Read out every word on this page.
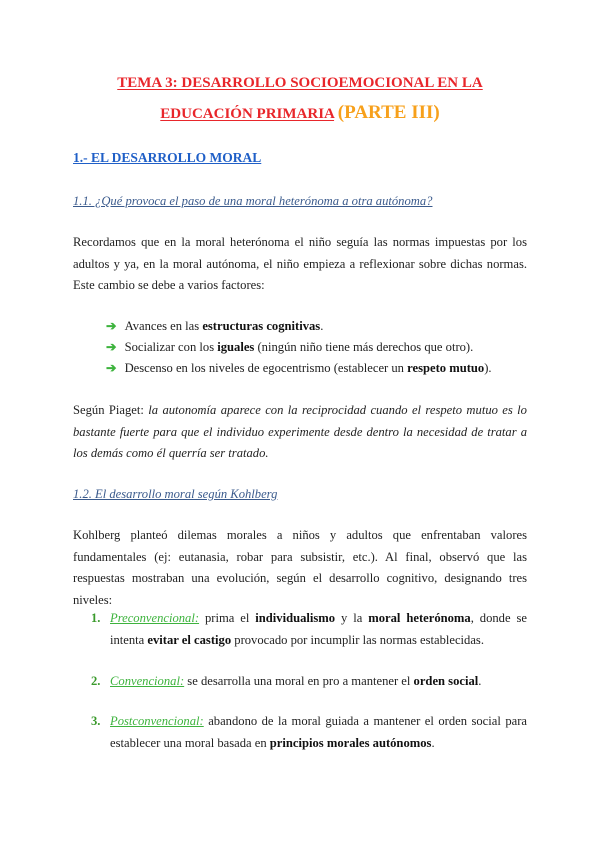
TEMA 3: DESARROLLO SOCIOEMOCIONAL EN LA
EDUCACIÓN PRIMARIA (PARTE III)
1.- EL DESARROLLO MORAL
1.1. ¿Qué provoca el paso de una moral heterónoma a otra autónoma?
Recordamos que en la moral heterónoma el niño seguía las normas impuestas por los adultos y ya, en la moral autónoma, el niño empieza a reflexionar sobre dichas normas. Este cambio se debe a varios factores:
➔ Avances en las estructuras cognitivas.
➔ Socializar con los iguales (ningún niño tiene más derechos que otro).
➔ Descenso en los niveles de egocentrismo (establecer un respeto mutuo).
Según Piaget: la autonomía aparece con la reciprocidad cuando el respeto mutuo es lo bastante fuerte para que el individuo experimente desde dentro la necesidad de tratar a los demás como él querría ser tratado.
1.2. El desarrollo moral según Kohlberg
Kohlberg planteó dilemas morales a niños y adultos que enfrentaban valores fundamentales (ej: eutanasia, robar para subsistir, etc.). Al final, observó que las respuestas mostraban una evolución, según el desarrollo cognitivo, designando tres niveles:
1. Preconvencional: prima el individualismo y la moral heterónoma, donde se intenta evitar el castigo provocado por incumplir las normas establecidas.
2. Convencional: se desarrolla una moral en pro a mantener el orden social.
3. Postconvencional: abandono de la moral guiada a mantener el orden social para establecer una moral basada en principios morales autónomos.
